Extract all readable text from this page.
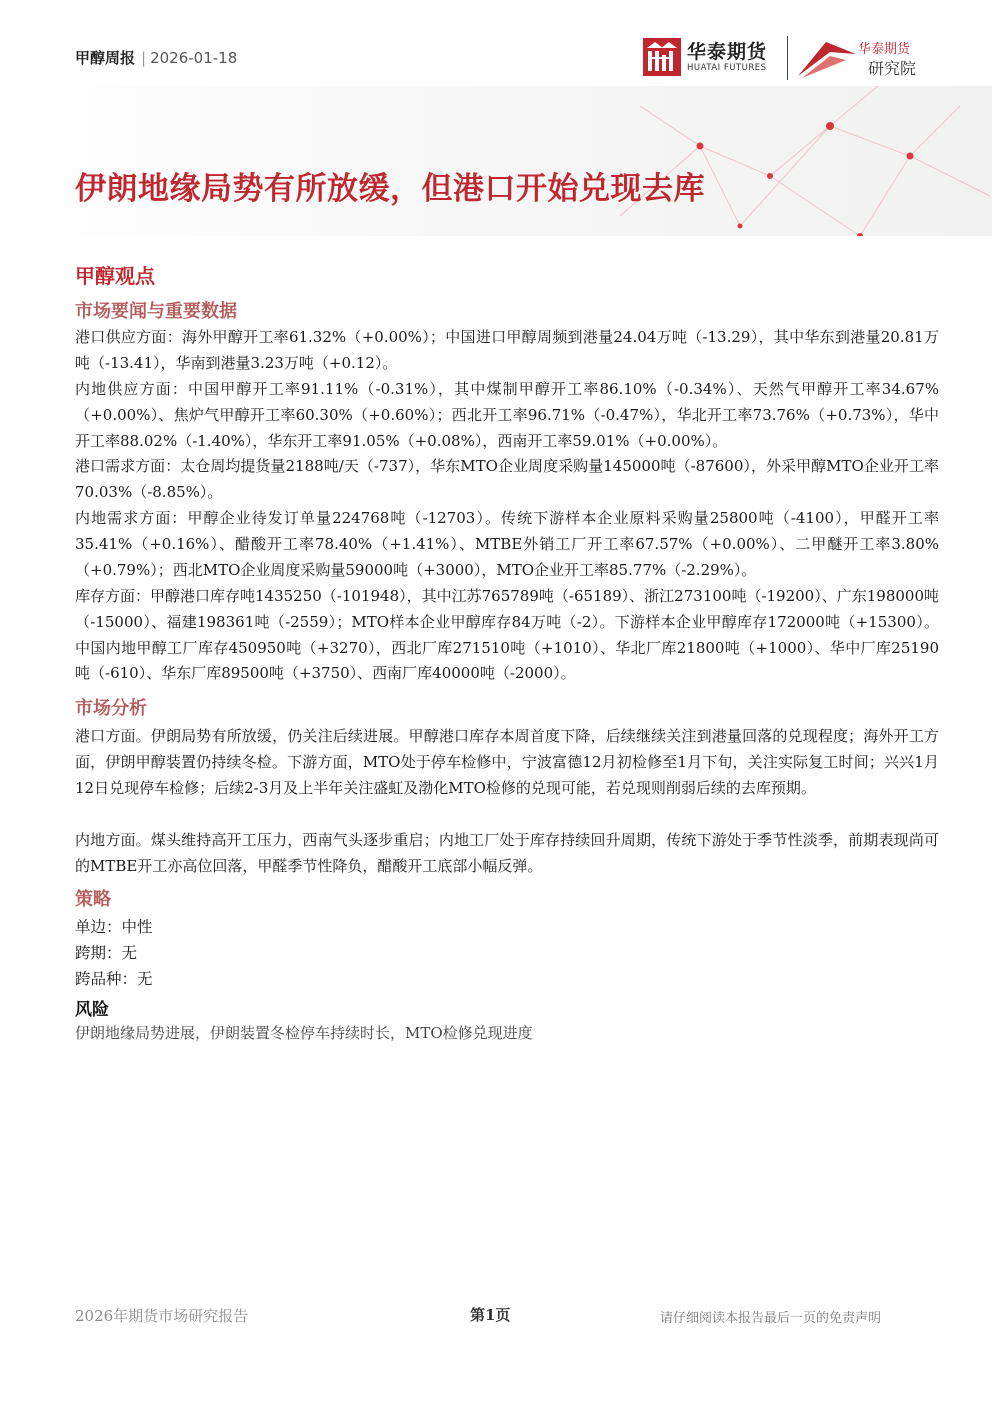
甲醇周报 | 2026-01-18	华泰期货
HUATAI FUTURES
华泰期货
研究院
伊朗地缘局势有所放缓，但港口开始兑现去库
甲醇观点
市场要闻与重要数据
港口供应方面：海外甲醇开工率61.32%（+0.00%）；中国进口甲醇周频到港量24.04万吨（-13.29），其中华东到港量20.81万吨（-13.41），华南到港量3.23万吨（+0.12）。
内地供应方面：中国甲醇开工率91.11%（-0.31%），其中煤制甲醇开工率86.10%（-0.34%）、天然气甲醇开工率34.67%（+0.00%）、焦炉气甲醇开工率60.30%（+0.60%）；西北开工率96.71%（-0.47%），华北开工率73.76%（+0.73%），华中开工率88.02%（-1.40%），华东开工率91.05%（+0.08%），西南开工率59.01%（+0.00%）。
港口需求方面：太仓周均提货量2188吨/天（-737），华东MTO企业周度采购量145000吨（-87600），外采甲醇MTO企业开工率70.03%（-8.85%）。
内地需求方面：甲醇企业待发订单量224768吨（-12703）。传统下游样本企业原料采购量25800吨（-4100），甲醛开工率35.41%（+0.16%）、醋酸开工率78.40%（+1.41%）、MTBE外销工厂开工率67.57%（+0.00%）、二甲醚开工率3.80%（+0.79%）；西北MTO企业周度采购量59000吨（+3000），MTO企业开工率85.77%（-2.29%）。
库存方面：甲醇港口库存吨1435250（-101948），其中江苏765789吨（-65189）、浙江273100吨（-19200）、广东198000吨（-15000）、福建198361吨（-2559）；MTO样本企业甲醇库存84万吨（-2）。下游样本企业甲醇库存172000吨（+15300）。中国内地甲醇工厂库存450950吨（+3270），西北厂库271510吨（+1010）、华北厂库21800吨（+1000）、华中厂库25190吨（-610）、华东厂库89500吨（+3750）、西南厂库40000吨（-2000）。
市场分析
港口方面。伊朗局势有所放缓，仍关注后续进展。甲醇港口库存本周首度下降，后续继续关注到港量回落的兑现程度；海外开工方面，伊朗甲醇装置仍持续冬检。下游方面，MTO处于停车检修中，宁波富德12月初检修至1月下旬，关注实际复工时间；兴兴1月12日兑现停车检修；后续2-3月及上半年关注盛虹及渤化MTO检修的兑现可能，若兑现则削弱后续的去库预期。
内地方面。煤头维持高开工压力，西南气头逐步重启；内地工厂处于库存持续回升周期，传统下游处于季节性淡季，前期表现尚可的MTBE开工亦高位回落，甲醛季节性降负，醋酸开工底部小幅反弹。
策略
单边：中性
跨期：无
跨品种：无
风险
伊朗地缘局势进展，伊朗装置冬检停车持续时长，MTO检修兑现进度
2026年期货市场研究报告	第1页	请仔细阅读本报告最后一页的免责声明
